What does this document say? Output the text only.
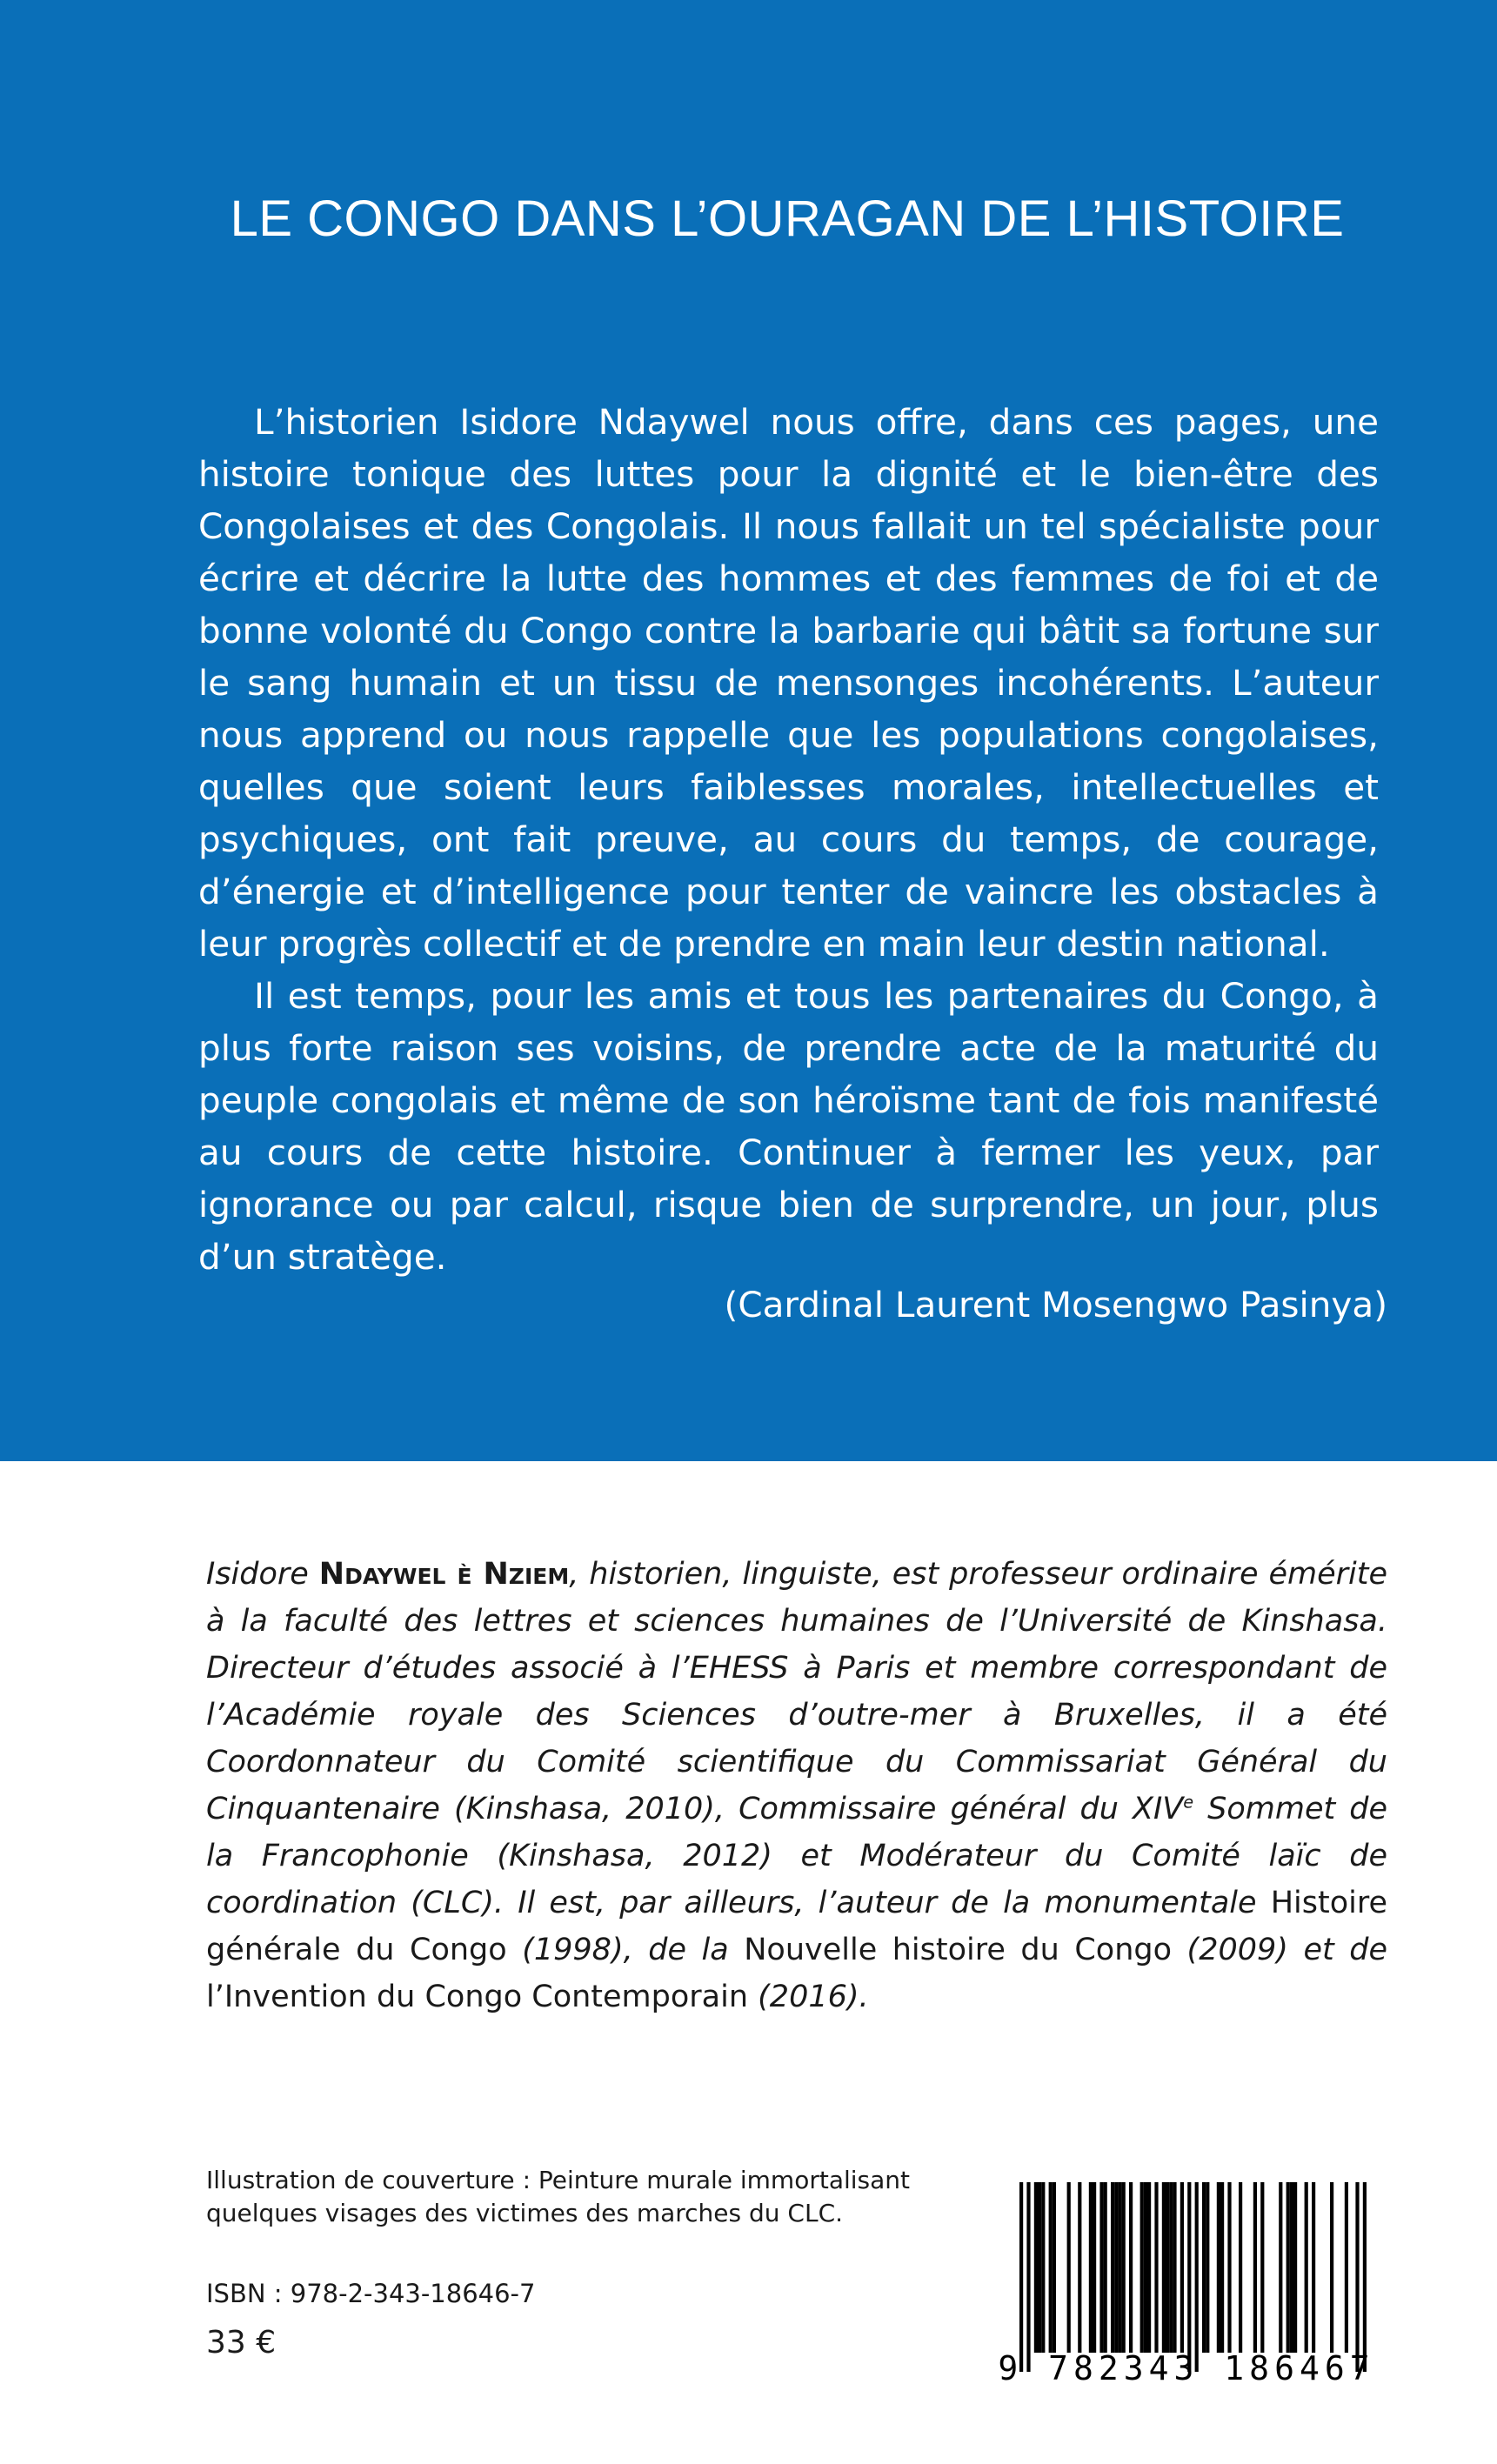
LE CONGO DANS L’OURAGAN DE L’HISTOIRE

L’historien Isidore Ndaywel nous offre, dans ces pages, une histoire tonique des luttes pour la dignité et le bien-être des Congolaises et des Congolais. Il nous fallait un tel spécialiste pour écrire et décrire la lutte des hommes et des femmes de foi et de bonne volonté du Congo contre la barbarie qui bâtit sa fortune sur le sang humain et un tissu de mensonges incohérents. L’auteur nous apprend ou nous rappelle que les populations congolaises, quelles que soient leurs faiblesses morales, intellectuelles et psychiques, ont fait preuve, au cours du temps, de courage, d’énergie et d’intelligence pour tenter de vaincre les obstacles à leur progrès collectif et de prendre en main leur destin national.

Il est temps, pour les amis et tous les partenaires du Congo, à plus forte raison ses voisins, de prendre acte de la maturité du peuple congolais et même de son héroïsme tant de fois manifesté au cours de cette histoire. Continuer à fermer les yeux, par ignorance ou par calcul, risque bien de surprendre, un jour, plus d’un stratège.

(Cardinal Laurent Mosengwo Pasinya)

Isidore Ndaywel è Nziem, historien, linguiste, est professeur ordinaire émérite à la faculté des lettres et sciences humaines de l’Université de Kinshasa. Directeur d’études associé à l’EHESS à Paris et membre correspondant de l’Académie royale des Sciences d’outre-mer à Bruxelles, il a été Coordonnateur du Comité scientifique du Commissariat Général du Cinquantenaire (Kinshasa, 2010), Commissaire général du XIVe Sommet de la Francophonie (Kinshasa, 2012) et Modérateur du Comité laïc de coordination (CLC). Il est, par ailleurs, l’auteur de la monumentale Histoire générale du Congo (1998), de la Nouvelle histoire du Congo (2009) et de l’Invention du Congo Contemporain (2016).

Illustration de couverture : Peinture murale immortalisant

quelques visages des victimes des marches du CLC.

ISBN : 978-2-343-18646-7
33 €
9 782343 186467
